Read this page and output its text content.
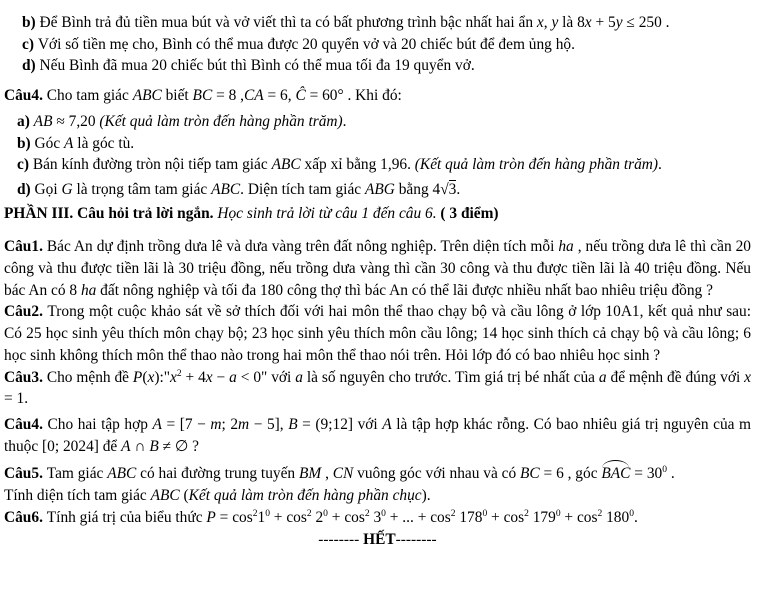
b) Để Bình trả đủ tiền mua bút và vở viết thì ta có bất phương trình bậc nhất hai ẩn x, y là 8x + 5y ≤ 250 .
c) Với số tiền mẹ cho, Bình có thể mua được 20 quyển vở và 20 chiếc bút để đem ủng hộ.
d) Nếu Bình đã mua 20 chiếc bút thì Bình có thể mua tối đa 19 quyển vở.
Câu4. Cho tam giác ABC biết BC = 8 ,CA = 6, Ĉ = 60° . Khi đó:
a) AB ≈ 7,20 (Kết quả làm tròn đến hàng phần trăm).
b) Góc A là góc tù.
c) Bán kính đường tròn nội tiếp tam giác ABC xấp xỉ bằng 1,96. (Kết quả làm tròn đến hàng phần trăm).
d) Gọi G là trọng tâm tam giác ABC. Diện tích tam giác ABG bằng 4√3.
PHẦN III. Câu hỏi trả lời ngắn. Học sinh trả lời từ câu 1 đến câu 6. ( 3 điểm)
Câu1. Bác An dự định trồng dưa lê và dưa vàng trên đất nông nghiệp. Trên diện tích mỗi ha , nếu trồng dưa lê thì cần 20 công và thu được tiền lãi là 30 triệu đồng, nếu trồng dưa vàng thì cần 30 công và thu được tiền lãi là 40 triệu đồng. Nếu bác An có 8 ha đất nông nghiệp và tối đa 180 công thợ thì bác An có thể lãi được nhiều nhất bao nhiêu triệu đồng ?
Câu2. Trong một cuộc khảo sát về sở thích đối với hai môn thể thao chạy bộ và cầu lông ở lớp 10A1, kết quả như sau: Có 25 học sinh yêu thích môn chạy bộ; 23 học sinh yêu thích môn cầu lông; 14 học sinh thích cả chạy bộ và cầu lông; 6 học sinh không thích môn thể thao nào trong hai môn thể thao nói trên. Hỏi lớp đó có bao nhiêu học sinh ?
Câu3. Cho mệnh đề $P(x):"x^2 + 4x - a < 0$" với a là số nguyên cho trước. Tìm giá trị bé nhất của a để mệnh đề đúng với x = 1.
Câu4. Cho hai tập hợp A = [7 − m; 2m − 5], B = (9;12] với A là tập hợp khác rỗng. Có bao nhiêu giá trị nguyên của m thuộc [0; 2024] để A ∩ B ≠ ∅ ?
Câu5. Tam giác ABC có hai đường trung tuyến BM , CN vuông góc với nhau và có BC = 6 , góc BAC = $30^0$ .
Tính diện tích tam giác ABC (Kết quả làm tròn đến hàng phần chục).
Câu6. Tính giá trị của biểu thức $P = \cos^21^0 + \cos^2 2^0 + \cos^2 3^0$ + ... + $\cos^2 178^0 + \cos^2 179^0 + \cos^2 180^0$.
-------- HẾT--------
